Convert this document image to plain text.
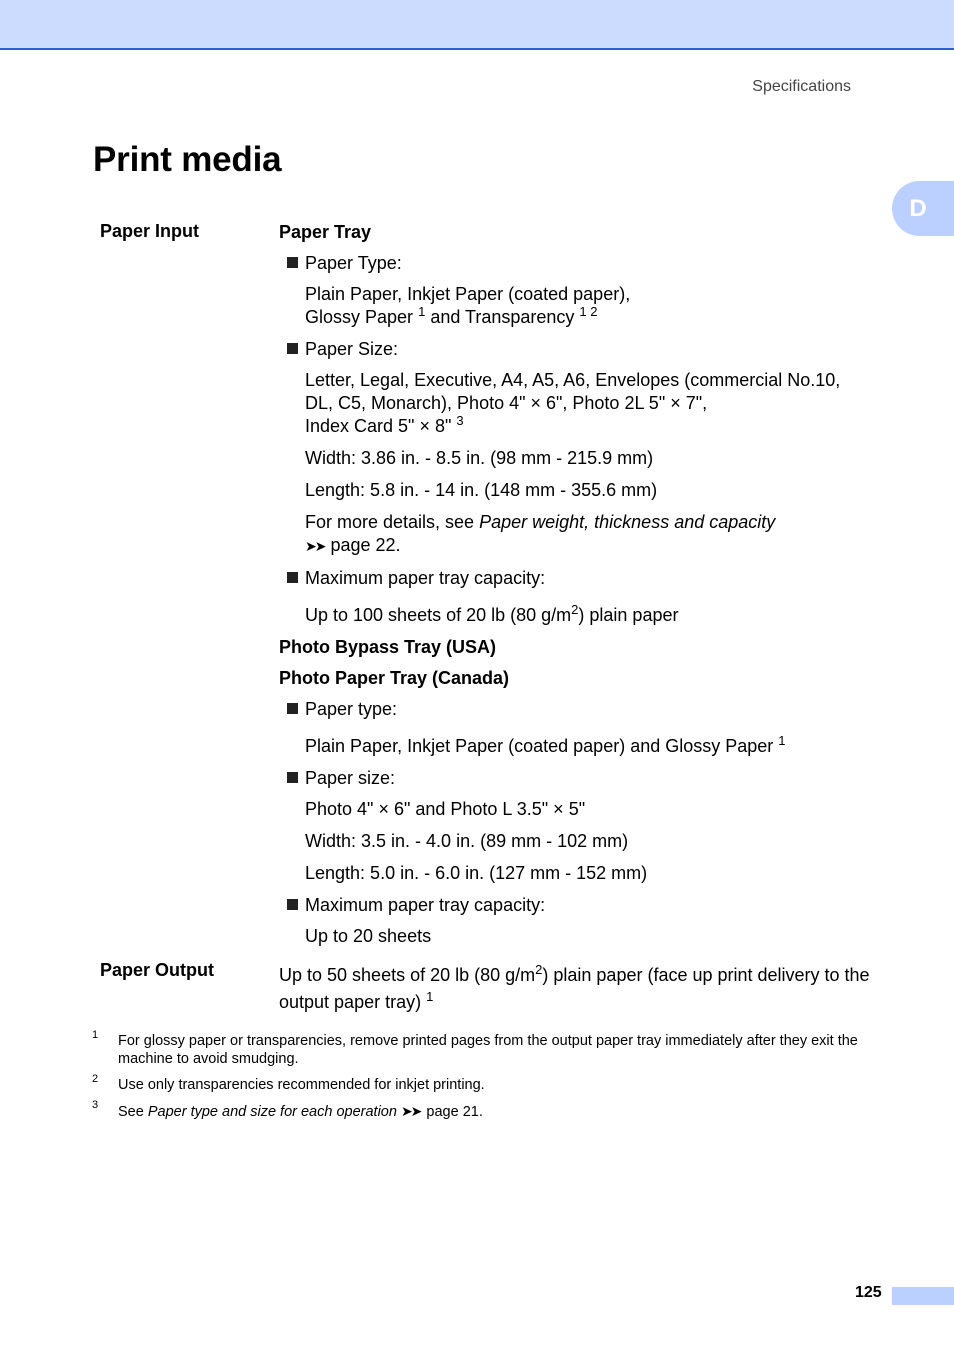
Specifications
Print media
D
Paper Input	Paper Tray

Paper Type:

Plain Paper, Inkjet Paper (coated paper),
Glossy Paper $^1$ and Transparency $^{1 2}$

Paper Size:

Letter, Legal, Executive, A4, A5, A6, Envelopes (commercial No.10,
DL, C5, Monarch), Photo 4" × 6", Photo 2L 5" × 7",
Index Card 5" × 8" $^3$

Width: 3.86 in. - 8.5 in. (98 mm - 215.9 mm)

Length: 5.8 in. - 14 in. (148 mm - 355.6 mm)

For more details, see Paper weight, thickness and capacity
➤➤ page 22.

Maximum paper tray capacity:

Up to 100 sheets of 20 lb (80 $g/m^2$) plain paper

Photo Bypass Tray (USA)

Photo Paper Tray (Canada)

Paper type:

Plain Paper, Inkjet Paper (coated paper) and Glossy Paper $^1$

Paper size:

Photo 4" × 6" and Photo L 3.5" × 5"

Width: 3.5 in. - 4.0 in. (89 mm - 102 mm)

Length: 5.0 in. - 6.0 in. (127 mm - 152 mm)

Maximum paper tray capacity:

Up to 20 sheets

Paper Output	Up to 50 sheets of 20 lb (80 $g/m^2$) plain paper (face up print delivery to the output paper tray) $^1$
1 For glossy paper or transparencies, remove printed pages from the output paper tray immediately after they exit the machine to avoid smudging.
2 Use only transparencies recommended for inkjet printing.
3 See Paper type and size for each operation ➤➤ page 21.
125
